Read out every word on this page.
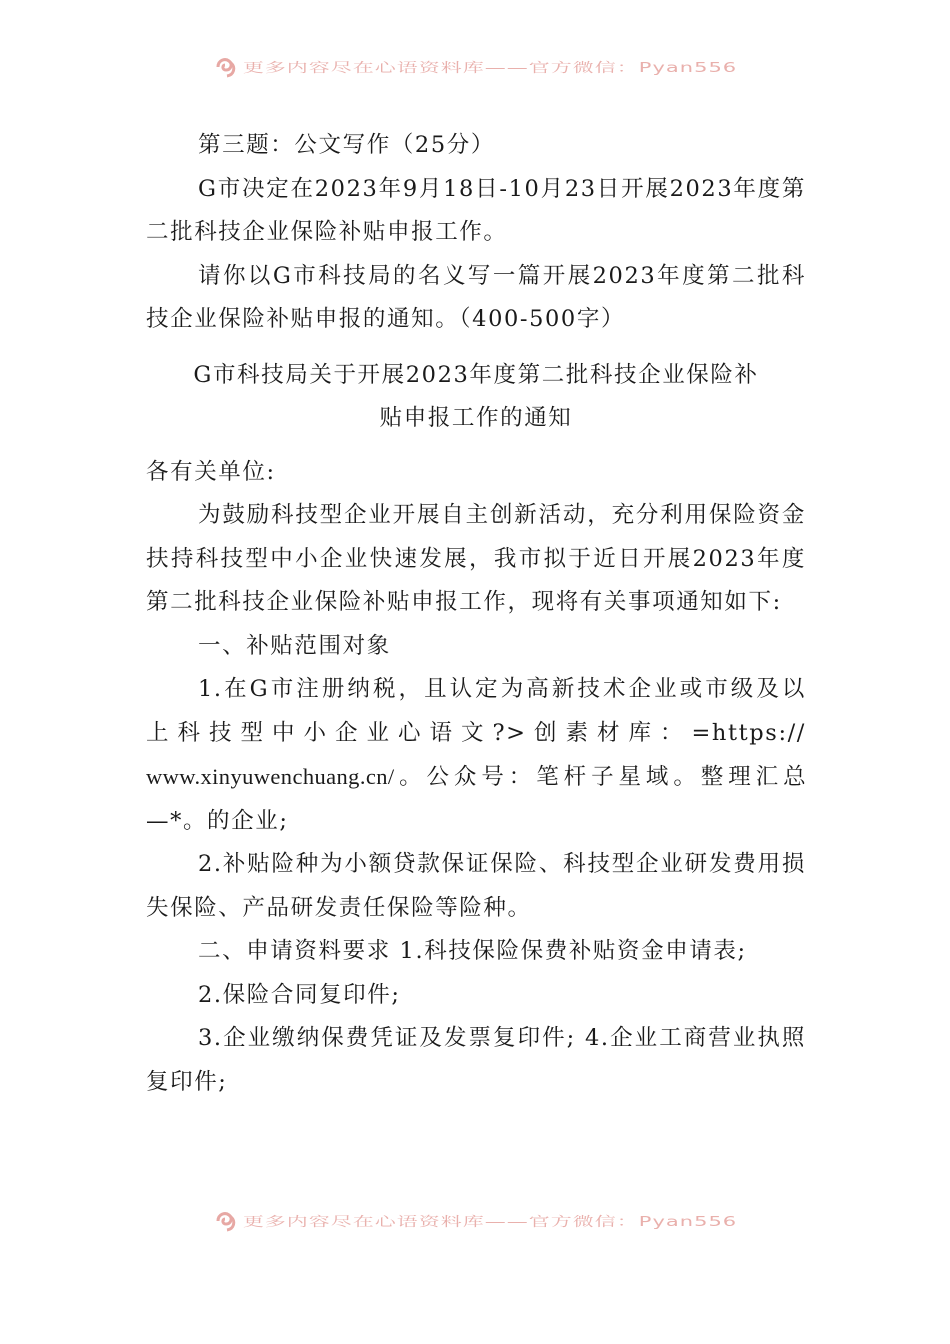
更多内容尽在心语资料库——官方微信：Pyan556

第三题：公文写作（25分）

G市决定在2023年9月18日-10月23日开展2023年度第二批科技企业保险补贴申报工作。

请你以G市科技局的名义写一篇开展2023年度第二批科技企业保险补贴申报的通知。（400-500字）

G市科技局关于开展2023年度第二批科技企业保险补
贴申报工作的通知

各有关单位:

为鼓励科技型企业开展自主创新活动，充分利用保险资金扶持科技型中小企业快速发展，我市拟于近日开展2023年度第二批科技企业保险补贴申报工作，现将有关事项通知如下:

一、补贴范围对象

1.在G市注册纳税，且认定为高新技术企业或市级及以

上科技型中小企业心语文?>创素材库：=https://

www.xinyuwenchuang.cn/。公众号：笔杆子星域。整理汇总

—*。的企业;

2.补贴险种为小额贷款保证保险、科技型企业研发费用损失保险、产品研发责任保险等险种。

二、申请资料要求 1.科技保险保费补贴资金申请表;

2.保险合同复印件;

3.企业缴纳保费凭证及发票复印件; 4.企业工商营业执照复印件;

更多内容尽在心语资料库——官方微信：Pyan556
